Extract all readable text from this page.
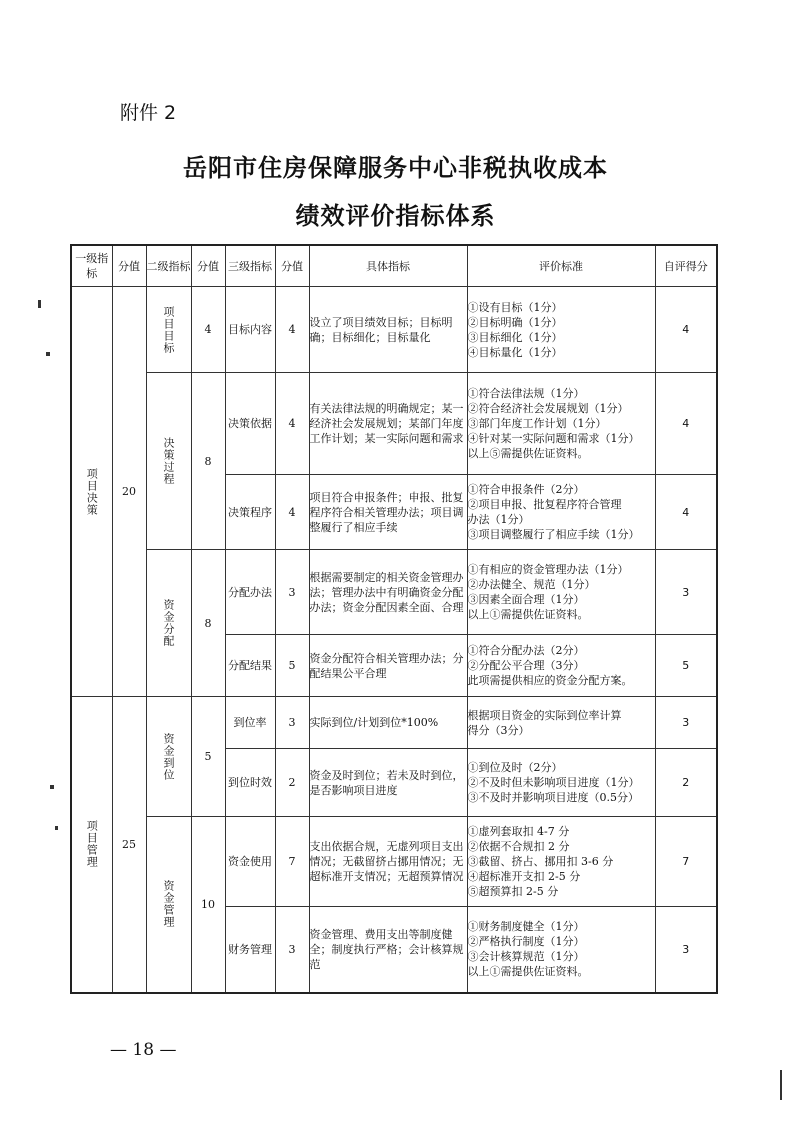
附件 2
岳阳市住房保障服务中心非税执收成本
绩效评价指标体系
一级指标	分值	二级指标	分值	三级指标	分值	具体指标	评价标准	自评得分

项目决策	20	项目目标	4	目标内容	4	设立了项目绩效目标；目标明确；目标细化；目标量化	①设有目标（1分）
②目标明确（1分）
③目标细化（1分）
④目标量化（1分）	4

		决策过程	8	决策依据	4	有关法律法规的明确规定；某一经济社会发展规划；某部门年度工作计划；某一实际问题和需求	①符合法律法规（1分）
②符合经济社会发展规划（1分）
③部门年度工作计划（1分）
④针对某一实际问题和需求（1分）
以上⑤需提供佐证资料。	4
				决策程序	4	项目符合申报条件；申报、批复程序符合相关管理办法；项目调整履行了相应手续	①符合申报条件（2分）
②项目申报、批复程序符合管理
办法（1分）
③项目调整履行了相应手续（1分）	4

		资金分配	8	分配办法	3	根据需要制定的相关资金管理办法；管理办法中有明确资金分配办法；资金分配因素全面、合理	①有相应的资金管理办法（1分）
②办法健全、规范（1分）
③因素全面合理（1分）
以上①需提供佐证资料。	3
				分配结果	5	资金分配符合相关管理办法；分配结果公平合理	①符合分配办法（2分）
②分配公平合理（3分）
此项需提供相应的资金分配方案。	5

项目管理	25	资金到位	5	到位率	3	实际到位/计划到位*100%	根据项目资金的实际到位率计算
得分（3分）	3
				到位时效	2	资金及时到位；若未及时到位，是否影响项目进度	①到位及时（2分）
②不及时但未影响项目进度（1分）
③不及时并影响项目进度（0.5分）	2

		资金管理	10	资金使用	7	支出依据合规，无虚列项目支出情况；无截留挤占挪用情况；无超标准开支情况；无超预算情况	①虚列套取扣 4-7 分
②依据不合规扣 2 分
③截留、挤占、挪用扣 3-6 分
④超标准开支扣 2-5 分
⑤超预算扣 2-5 分	7
				财务管理	3	资金管理、费用支出等制度健全；制度执行严格；会计核算规范	①财务制度健全（1分）
②严格执行制度（1分）
③会计核算规范（1分）
以上①需提供佐证资料。	3
— 18 —
